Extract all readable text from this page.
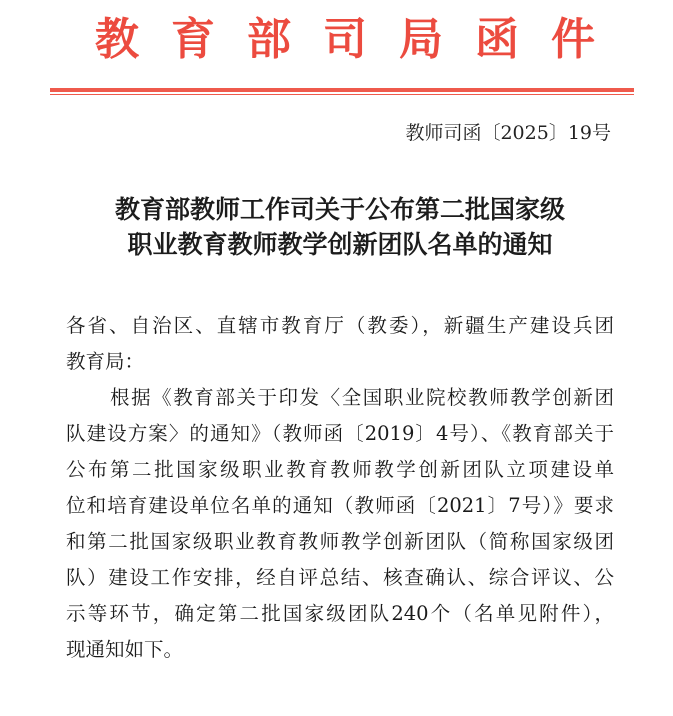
教 育 部 司 局 函 件
教师司函〔2025〕19号
教育部教师工作司关于公布第二批国家级
职业教育教师教学创新团队名单的通知
各省、自治区、直辖市教育厅（教委），新疆生产建设兵团
教育局：
根据《教育部关于印发〈全国职业院校教师教学创新团
队建设方案〉的通知》（教师函〔2019〕4号）、《教育部关于
公布第二批国家级职业教育教师教学创新团队立项建设单
位和培育建设单位名单的通知（教师函〔2021〕7号）》要求
和第二批国家级职业教育教师教学创新团队（简称国家级团
队）建设工作安排，经自评总结、核查确认、综合评议、公
示等环节，确定第二批国家级团队240个（名单见附件），
现通知如下。
